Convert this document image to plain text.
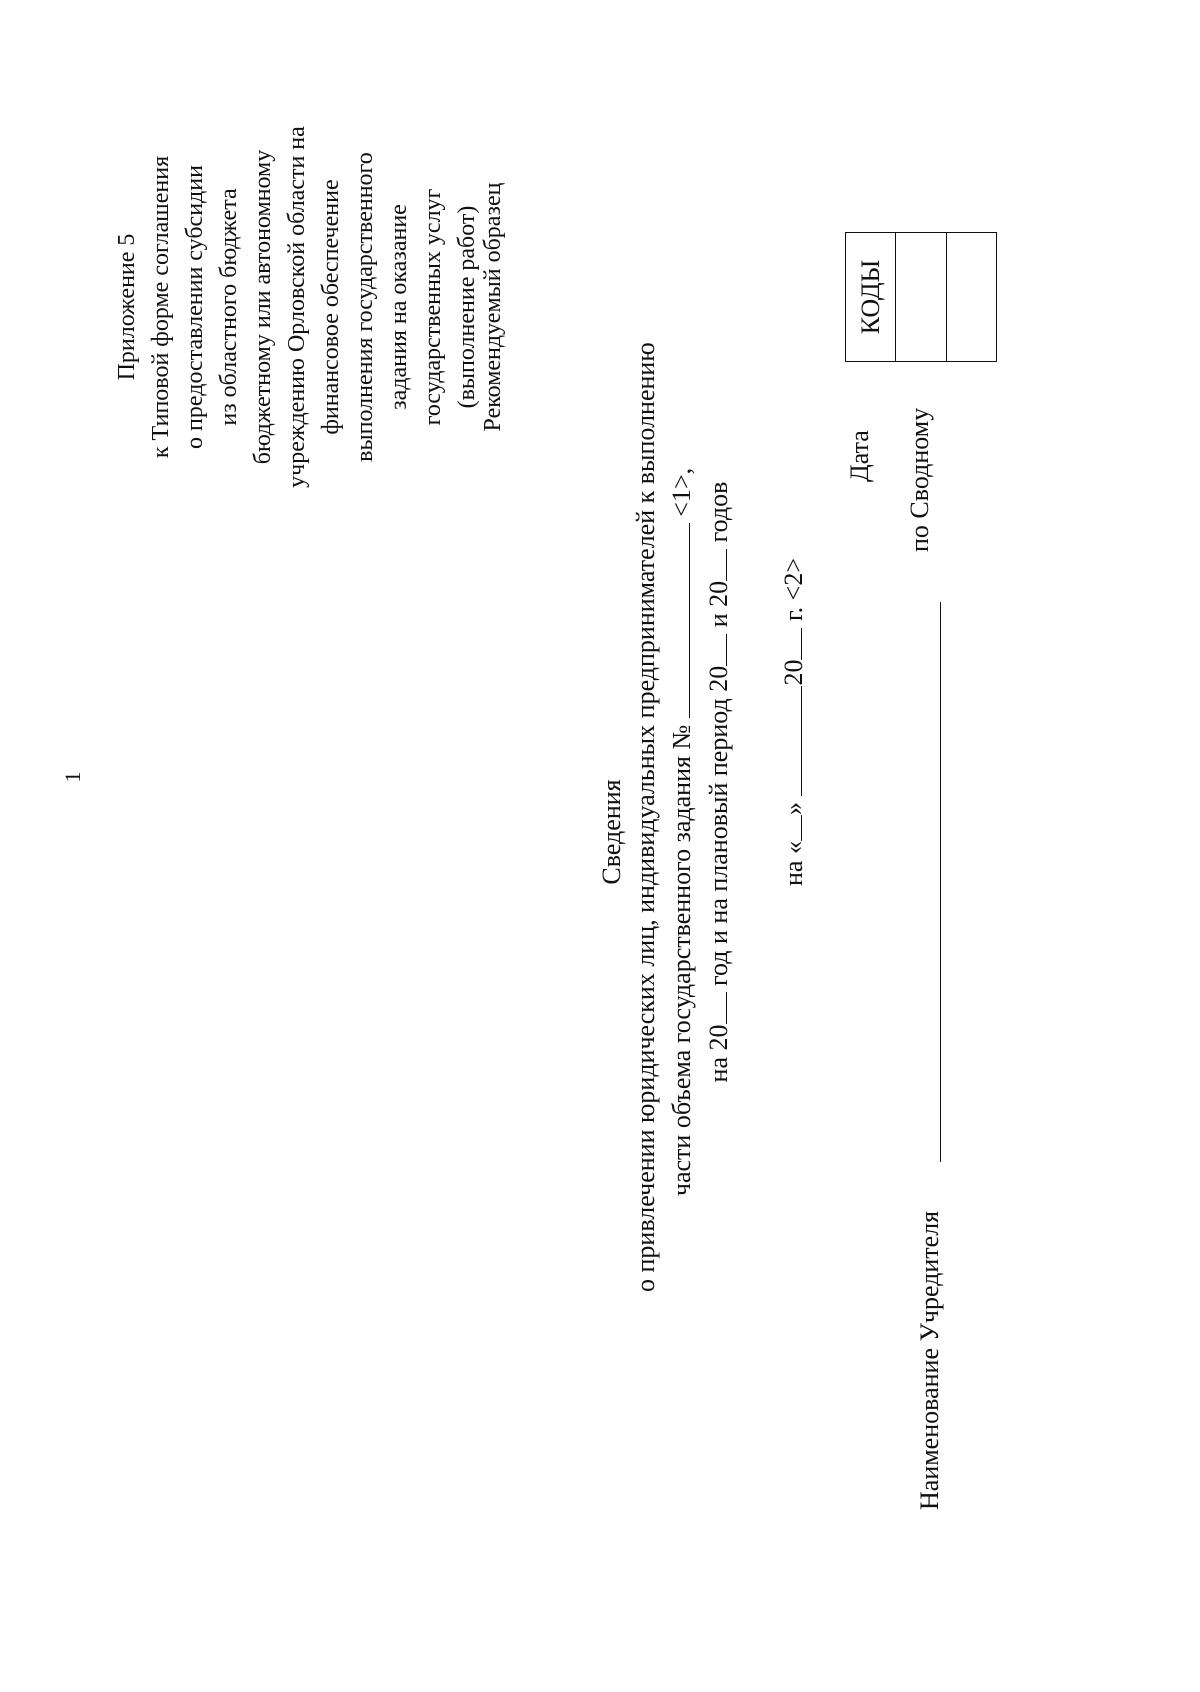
1
Приложение 5 к Типовой форме соглашения о предоставлении субсидии из областного бюджета бюджетному или автономному учреждению Орловской области на финансовое обеспечение выполнения государственного задания на оказание государственных услуг (выполнение работ) Рекомендуемый образец
Сведения о привлечении юридических лиц, индивидуальных предпринимателей к выполнению части объема государственного задания №  <1>,
на 20 год и на плановый период 20 и 20 годов
на «» 20 г. <2>
Наименование Учредителя
Дата по Сводному
КОДЫ
